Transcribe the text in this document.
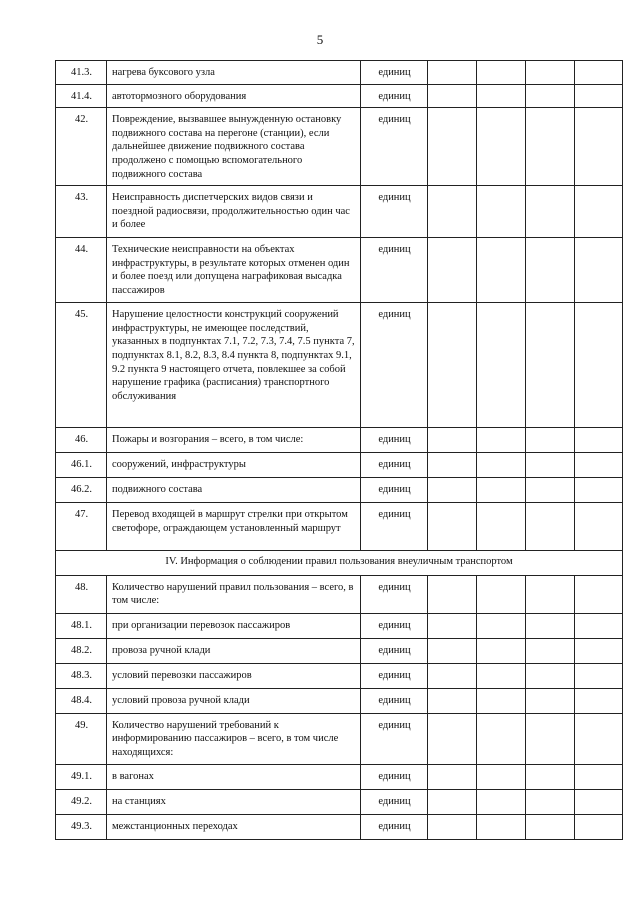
5
41.3.	нагрева буксового узла	единиц				
41.4.	автотормозного оборудования	единиц				
42.	Повреждение, вызвавшее вынужденную остановку подвижного состава на перегоне (станции), если дальнейшее движение подвижного состава продолжено с помощью вспомогательного подвижного состава	единиц				
43.	Неисправность диспетчерских видов связи и поездной радиосвязи, продолжительностью один час и более	единиц				
44.	Технические неисправности на объектах инфраструктуры, в результате которых отменен один и более поезд или допущена награфиковая высадка пассажиров	единиц				
45.	Нарушение целостности конструкций сооружений инфраструктуры, не имеющее последствий, указанных в подпунктах 7.1, 7.2, 7.3, 7.4, 7.5 пункта 7, подпунктах 8.1, 8.2, 8.3, 8.4 пункта 8, подпунктах 9.1, 9.2 пункта 9 настоящего отчета, повлекшее за собой нарушение графика (расписания) транспортного обслуживания	единиц				
46.	Пожары и возгорания – всего, в том числе:	единиц				
46.1.	сооружений, инфраструктуры	единиц				
46.2.	подвижного состава	единиц				
47.	Перевод входящей в маршрут стрелки при открытом светофоре, ограждающем установленный маршрут	единиц				
IV. Информация о соблюдении правил пользования внеуличным транспортом						
48.	Количество нарушений правил пользования – всего, в том числе:	единиц				
48.1.	при организации перевозок пассажиров	единиц				
48.2.	провоза ручной клади	единиц				
48.3.	условий перевозки пассажиров	единиц				
48.4.	условий провоза ручной клади	единиц				
49.	Количество нарушений требований к информированию пассажиров – всего, в том числе находящихся:	единиц				
49.1.	в вагонах	единиц				
49.2.	на станциях	единиц				
49.3.	межстанционных переходах	единиц				
